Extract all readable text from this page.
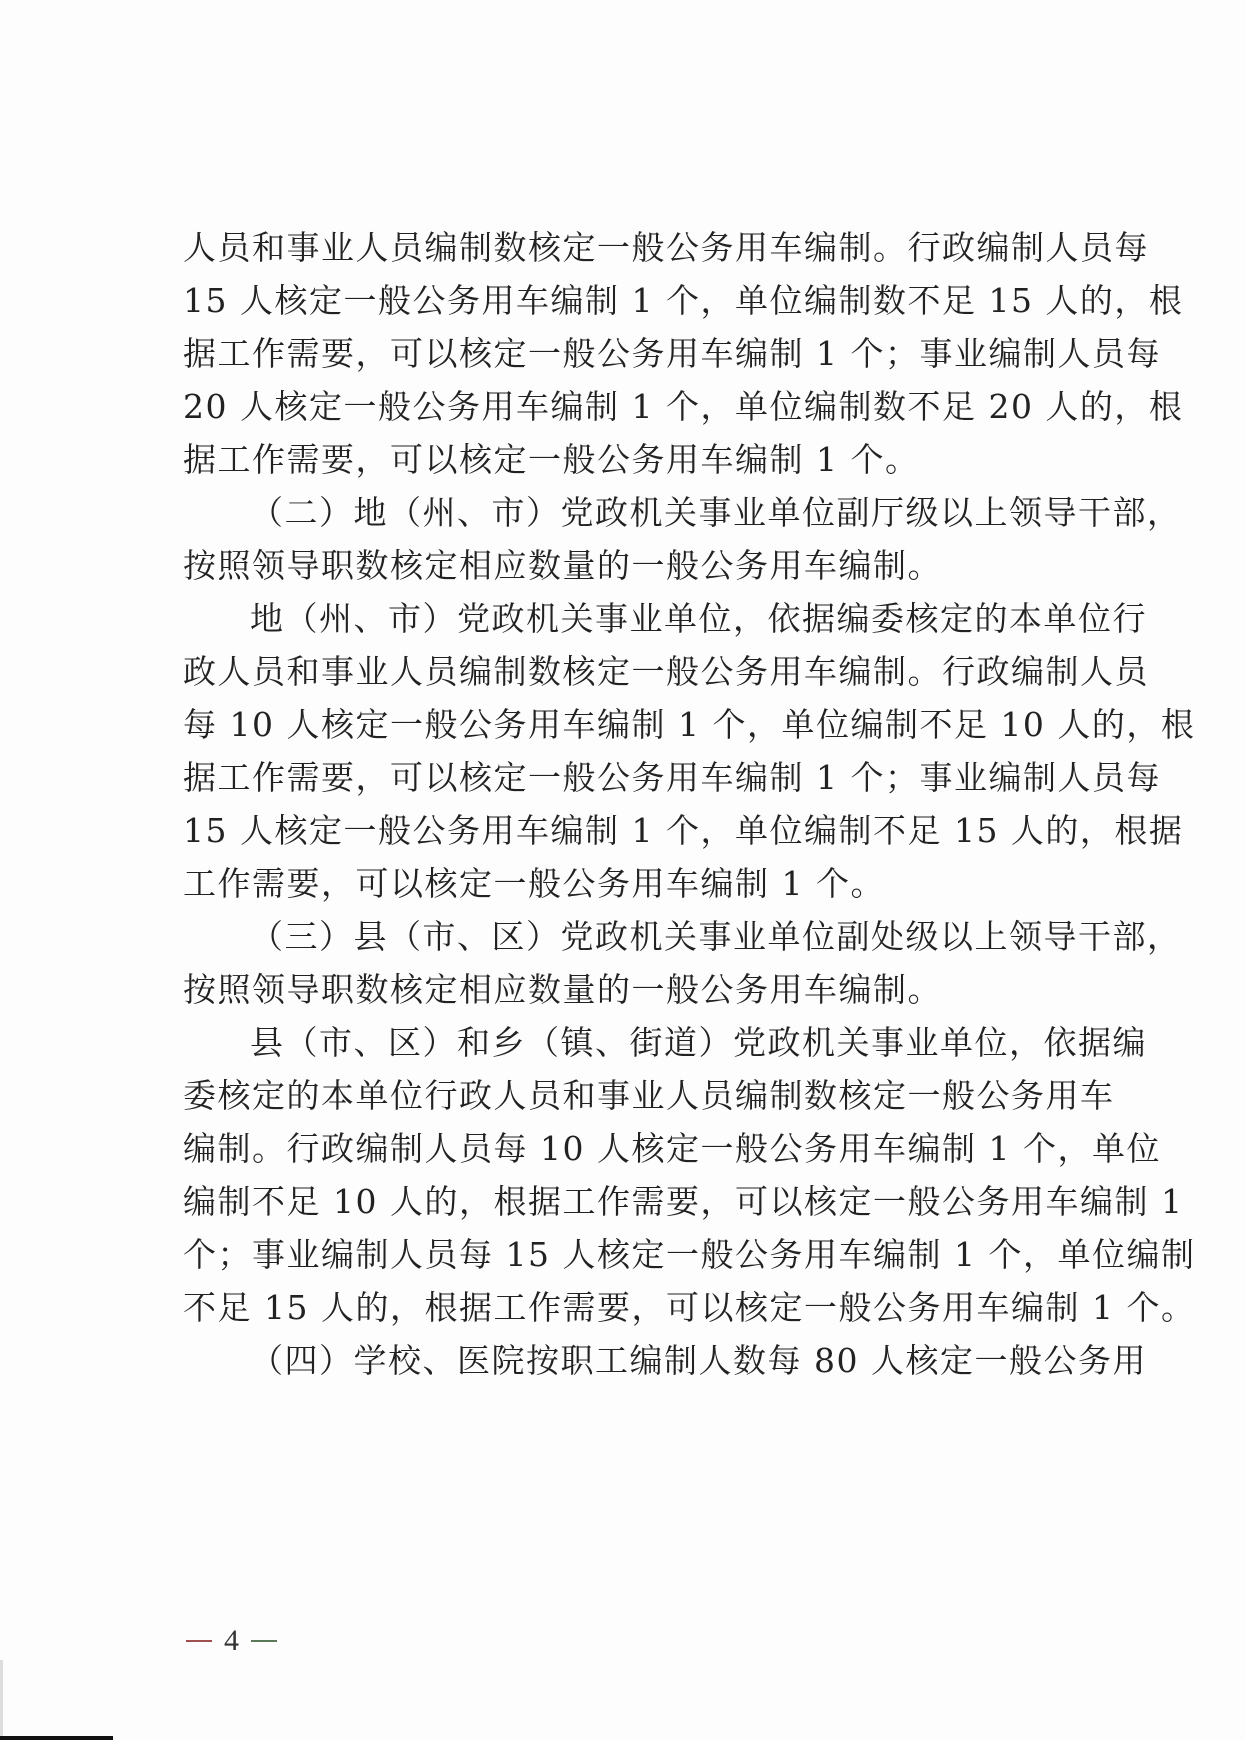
人员和事业人员编制数核定一般公务用车编制。行政编制人员每
15 人核定一般公务用车编制 1 个，单位编制数不足 15 人的，根
据工作需要，可以核定一般公务用车编制 1 个；事业编制人员每
20 人核定一般公务用车编制 1 个，单位编制数不足 20 人的，根
据工作需要，可以核定一般公务用车编制 1 个。
（二）地（州、市）党政机关事业单位副厅级以上领导干部，
按照领导职数核定相应数量的一般公务用车编制。
地（州、市）党政机关事业单位，依据编委核定的本单位行
政人员和事业人员编制数核定一般公务用车编制。行政编制人员
每 10 人核定一般公务用车编制 1 个，单位编制不足 10 人的，根
据工作需要，可以核定一般公务用车编制 1 个；事业编制人员每
15 人核定一般公务用车编制 1 个，单位编制不足 15 人的，根据
工作需要，可以核定一般公务用车编制 1 个。
（三）县（市、区）党政机关事业单位副处级以上领导干部，
按照领导职数核定相应数量的一般公务用车编制。
县（市、区）和乡（镇、街道）党政机关事业单位，依据编
委核定的本单位行政人员和事业人员编制数核定一般公务用车
编制。行政编制人员每 10 人核定一般公务用车编制 1 个，单位
编制不足 10 人的，根据工作需要，可以核定一般公务用车编制 1
个；事业编制人员每 15 人核定一般公务用车编制 1 个，单位编制
不足 15 人的，根据工作需要，可以核定一般公务用车编制 1 个。
（四）学校、医院按职工编制人数每 80 人核定一般公务用
4
